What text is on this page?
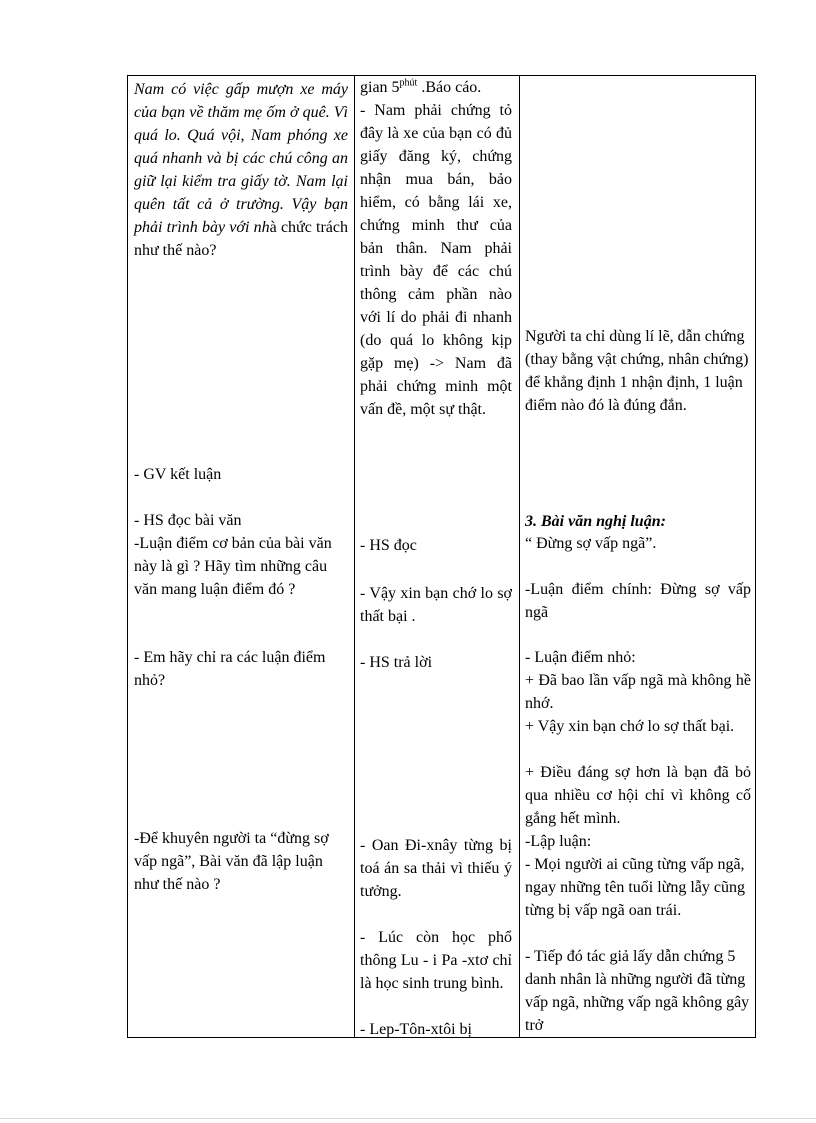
Nam có việc gấp mượn xe máy của bạn về thăm mẹ ốm ở quê. Vì quá lo. Quá vội, Nam phóng xe quá nhanh và bị các chú công an giữ lại kiểm tra giấy tờ. Nam lại quên tất cả ở trường. Vậy bạn phải trình bày với nhà chức trách như thế nào?

- GV kết luận

- HS đọc bài văn

-Luận điểm cơ bản của bài văn này là gì ? Hãy tìm những câu văn mang luận điểm đó ?

- Em hãy chỉ ra các luận điểm nhỏ?

-Để khuyên người ta “đừng sợ vấp ngã”, Bài văn đã lập luận như thế nào ?

gian $5^{phút}$ .Báo cáo.

- Nam phải chứng tỏ đây là xe của bạn có đủ giấy đăng ký, chứng nhận mua bán, bảo hiểm, có bằng lái xe, chứng minh thư của bản thân. Nam phải trình bày để các chú thông cảm phần nào với lí do phải đi nhanh (do quá lo không kịp gặp mẹ) -> Nam đã phải chứng minh một vấn đề, một sự thật.

- HS đọc

- Vậy xin bạn chớ lo sợ thất bại .

- HS trả lời

- Oan Đi-xnây từng bị toá án sa thải vì thiếu ý tưởng.

- Lúc còn học phổ thông Lu - i Pa -xtơ chỉ là học sinh trung bình.

- Lep-Tôn-xtôi bị

Người ta chỉ dùng lí lẽ, dẫn chứng (thay bằng vật chứng, nhân chứng) để khẳng định 1 nhận định, 1 luận điểm nào đó là đúng đắn.

3. Bài văn nghị luận:

“ Đừng sợ vấp ngã”.

-Luận điểm chính: Đừng sợ vấp ngã

- Luận điểm nhỏ:

+ Đã bao lần vấp ngã mà không hề nhớ.

+ Vậy xin bạn chớ lo sợ thất bại.

+ Điều đáng sợ hơn là bạn đã bỏ qua nhiều cơ hội chỉ vì không cố gắng hết mình.

-Lập luận:

- Mọi người ai cũng từng vấp ngã, ngay những tên tuổi lừng lẫy cũng từng bị vấp ngã oan trái.

- Tiếp đó tác giả lấy dẫn chứng 5 danh nhân là những người đã từng vấp ngã, những vấp ngã không gây trở
